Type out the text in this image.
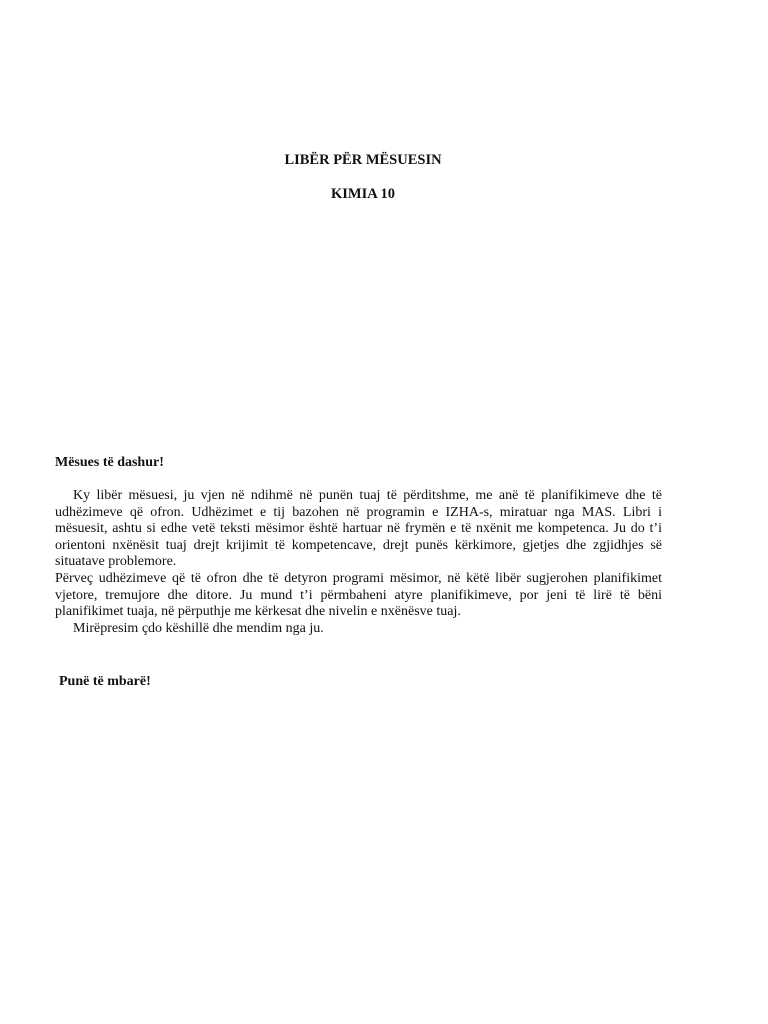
LIBËR PËR MËSUESIN
KIMIA 10
Mësues të dashur!

Ky libër mësuesi, ju vjen në ndihmë në punën tuaj të përditshme, me anë të planifikimeve dhe të udhëzimeve që ofron. Udhëzimet e tij bazohen në programin e IZHA-s, miratuar nga MAS. Libri i mësuesit, ashtu si edhe vetë teksti mësimor është hartuar në frymën e të nxënit me kompetenca. Ju do t’i orientoni nxënësit tuaj drejt krijimit të kompetencave, drejt punës kërkimore, gjetjes dhe zgjidhjes së situatave problemore.

Përveç udhëzimeve që të ofron dhe të detyron programi mësimor, në këtë libër sugjerohen planifikimet vjetore, tremujore dhe ditore. Ju mund t’i përmbaheni atyre planifikimeve, por jeni të lirë të bëni planifikimet tuaja, në përputhje me kërkesat dhe nivelin e nxënësve tuaj.

Mirëpresim çdo këshillë dhe mendim nga ju.

Punë të mbarë!
